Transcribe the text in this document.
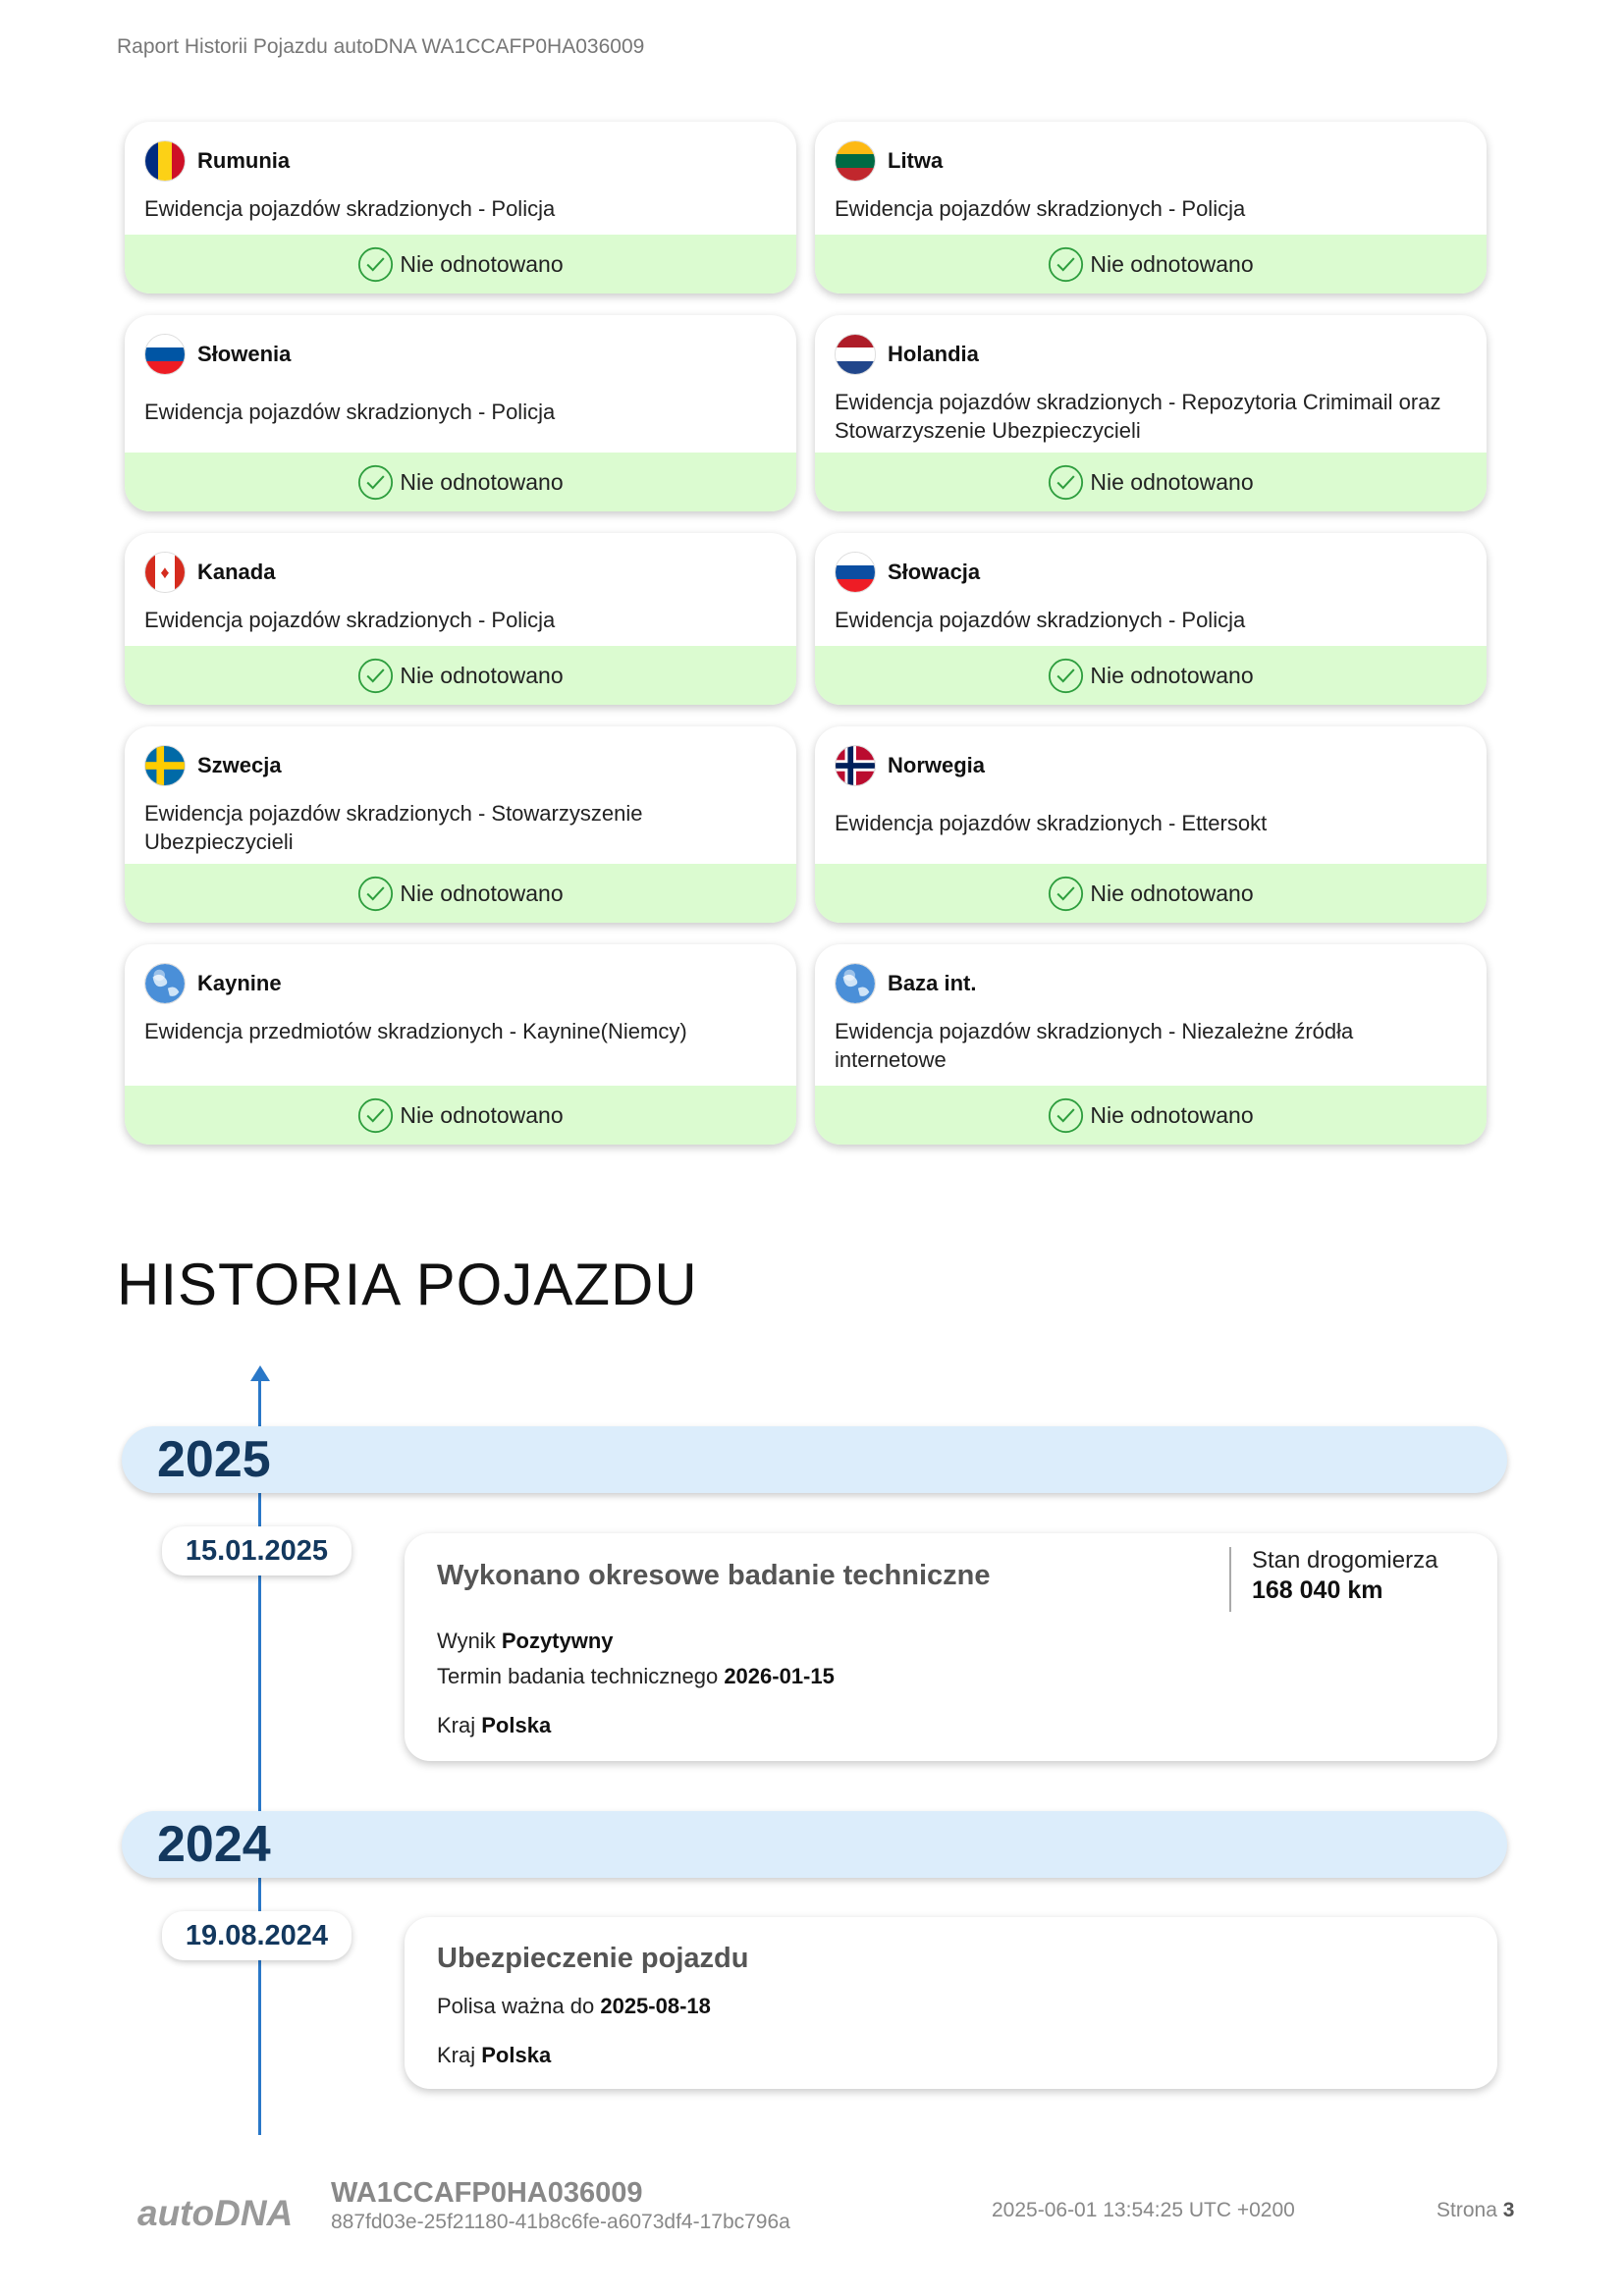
Raport Historii Pojazdu autoDNA WA1CCAFP0HA036009
Rumunia
Ewidencja pojazdów skradzionych - Policja
Nie odnotowano
Litwa
Ewidencja pojazdów skradzionych - Policja
Nie odnotowano
Słowenia
Ewidencja pojazdów skradzionych - Policja
Nie odnotowano
Holandia
Ewidencja pojazdów skradzionych - Repozytoria Crimimail oraz Stowarzyszenie Ubezpieczycieli
Nie odnotowano
♦ Kanada
Ewidencja pojazdów skradzionych - Policja
Nie odnotowano
Słowacja
Ewidencja pojazdów skradzionych - Policja
Nie odnotowano
Szwecja
Ewidencja pojazdów skradzionych - Stowarzyszenie Ubezpieczycieli
Nie odnotowano
Norwegia
Ewidencja pojazdów skradzionych - Ettersokt
Nie odnotowano
Kaynine
Ewidencja przedmiotów skradzionych - Kaynine(Niemcy)
Nie odnotowano
Baza int.
Ewidencja pojazdów skradzionych - Niezależne źródła internetowe
Nie odnotowano
HISTORIA POJAZDU
2025
15.01.2025
Wykonano okresowe badanie techniczne
Wynik Pozytywny
Termin badania technicznego 2026-01-15
Kraj Polska
Stan drogomierza
168 040 km
2024
19.08.2024
Ubezpieczenie pojazdu
Polisa ważna do 2025-08-18
Kraj Polska
autoDNA WA1CCAFP0HA036009
887fd03e-25f21180-41b8c6fe-a6073df4-17bc796a
2025-06-01 13:54:25 UTC +0200	Strona 3
